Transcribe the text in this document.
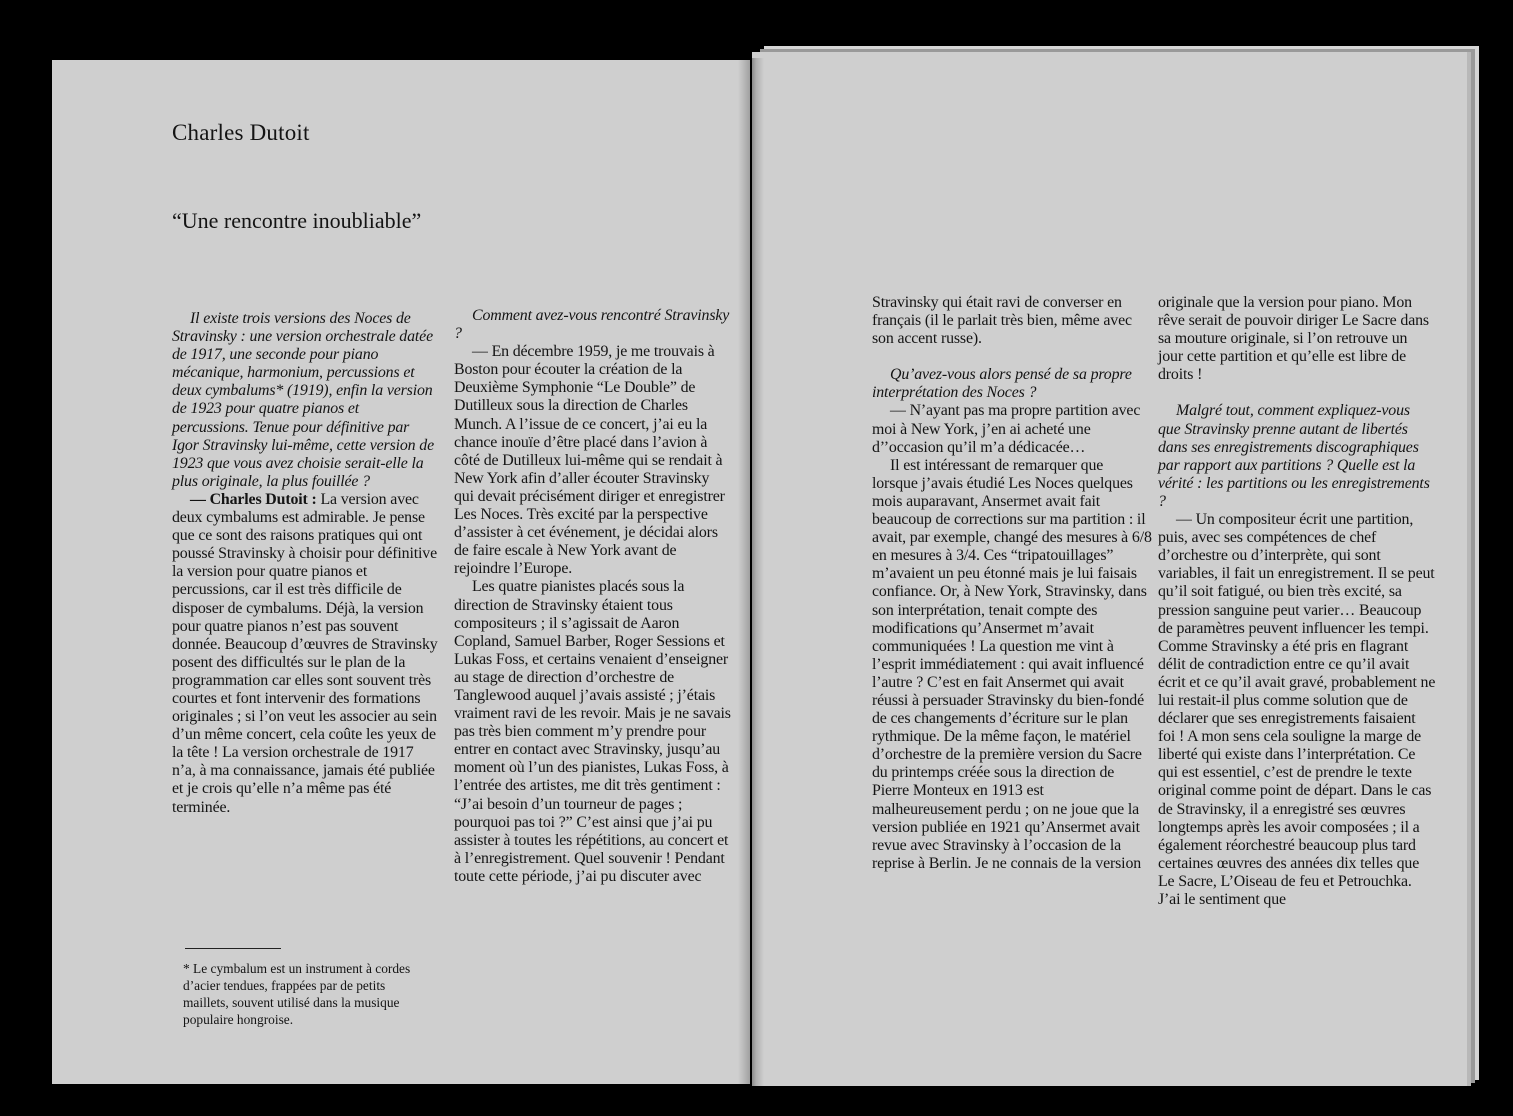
Charles Dutoit
“Une rencontre inoubliable”

Il existe trois versions des Noces de Stravinsky : une version orchestrale datée de 1917, une seconde pour piano mécanique, harmonium, percussions et deux cymbalums* (1919), enfin la version de 1923 pour quatre pianos et percussions. Tenue pour définitive par Igor Stravinsky lui-même, cette version de 1923 que vous avez choisie serait-elle la plus originale, la plus fouillée ?

— Charles Dutoit : La version avec deux cymbalums est admirable. Je pense que ce sont des raisons pratiques qui ont poussé Stravinsky à choisir pour définitive la version pour quatre pianos et percussions, car il est très difficile de disposer de cymbalums. Déjà, la version pour quatre pianos n’est pas souvent donnée. Beaucoup d’œuvres de Stravinsky posent des difficultés sur le plan de la programmation car elles sont souvent très courtes et font intervenir des formations originales ; si l’on veut les associer au sein d’un même concert, cela coûte les yeux de la tête ! La version orchestrale de 1917 n’a, à ma connaissance, jamais été publiée et je crois qu’elle n’a même pas été terminée.

Comment avez-vous rencontré Stravinsky ?

— En décembre 1959, je me trouvais à Boston pour écouter la création de la Deuxième Symphonie “Le Double” de Dutilleux sous la direction de Charles Munch. A l’issue de ce concert, j’ai eu la chance inouïe d’être placé dans l’avion à côté de Dutilleux lui-même qui se rendait à New York afin d’aller écouter Stravinsky qui devait précisément diriger et enregistrer Les Noces. Très excité par la perspective d’assister à cet événement, je décidai alors de faire escale à New York avant de rejoindre l’Europe.

Les quatre pianistes placés sous la direction de Stravinsky étaient tous compositeurs ; il s’agissait de Aaron Copland, Samuel Barber, Roger Sessions et Lukas Foss, et certains venaient d’enseigner au stage de direction d’orchestre de Tanglewood auquel j’avais assisté ; j’étais vraiment ravi de les revoir. Mais je ne savais pas très bien comment m’y prendre pour entrer en contact avec Stravinsky, jusqu’au moment où l’un des pianistes, Lukas Foss, à l’entrée des artistes, me dit très gentiment : “J’ai besoin d’un tourneur de pages ; pourquoi pas toi ?” C’est ainsi que j’ai pu assister à toutes les répétitions, au concert et à l’enregistrement. Quel souvenir ! Pendant toute cette période, j’ai pu discuter avec

* Le cymbalum est un instrument à cordes d’acier tendues, frappées par de petits maillets, souvent utilisé dans la musique populaire hongroise.

Stravinsky qui était ravi de converser en français (il le parlait très bien, même avec son accent russe).

Qu’avez-vous alors pensé de sa propre interprétation des Noces ?

— N’ayant pas ma propre partition avec moi à New York, j’en ai acheté une d’’occasion qu’il m’a dédicacée…

Il est intéressant de remarquer que lorsque j’avais étudié Les Noces quelques mois auparavant, Ansermet avait fait beaucoup de corrections sur ma partition : il avait, par exemple, changé des mesures à 6/8 en mesures à 3/4. Ces “tripatouillages” m’avaient un peu étonné mais je lui faisais confiance. Or, à New York, Stravinsky, dans son interprétation, tenait compte des modifications qu’Ansermet m’avait communiquées ! La question me vint à l’esprit immédiatement : qui avait influencé l’autre ? C’est en fait Ansermet qui avait réussi à persuader Stravinsky du bien-fondé de ces changements d’écriture sur le plan rythmique. De la même façon, le matériel d’orchestre de la première version du Sacre du printemps créée sous la direction de Pierre Monteux en 1913 est malheureusement perdu ; on ne joue que la version publiée en 1921 qu’Ansermet avait revue avec Stravinsky à l’occasion de la reprise à Berlin. Je ne connais de la version

originale que la version pour piano. Mon rêve serait de pouvoir diriger Le Sacre dans sa mouture originale, si l’on retrouve un jour cette partition et qu’elle est libre de droits !

Malgré tout, comment expliquez-vous que Stravinsky prenne autant de libertés dans ses enregistrements discographiques par rapport aux partitions ? Quelle est la vérité : les partitions ou les enregistrements ?

— Un compositeur écrit une partition, puis, avec ses compétences de chef d’orchestre ou d’interprète, qui sont variables, il fait un enregistrement. Il se peut qu’il soit fatigué, ou bien très excité, sa pression sanguine peut varier… Beaucoup de paramètres peuvent influencer les tempi. Comme Stravinsky a été pris en flagrant délit de contradiction entre ce qu’il avait écrit et ce qu’il avait gravé, probablement ne lui restait-il plus comme solution que de déclarer que ses enregistrements faisaient foi ! A mon sens cela souligne la marge de liberté qui existe dans l’interprétation. Ce qui est essentiel, c’est de prendre le texte original comme point de départ. Dans le cas de Stravinsky, il a enregistré ses œuvres longtemps après les avoir composées ; il a également réorchestré beaucoup plus tard certaines œuvres des années dix telles que Le Sacre, L’Oiseau de feu et Petrouchka. J’ai le sentiment que
